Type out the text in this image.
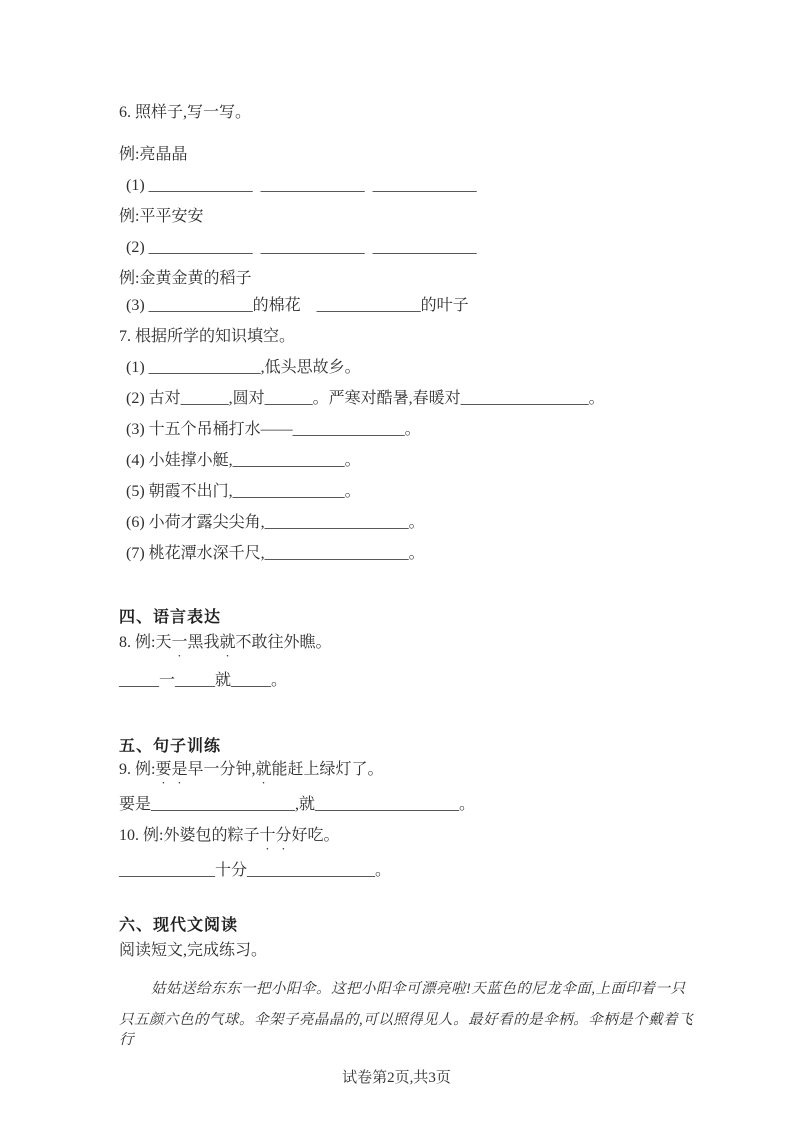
6. 照样子,写一写。
例:亮晶晶
(1) _____________  _____________  _____________
例:平平安安
(2) _____________  _____________  _____________
例:金黄金黄的稻子
(3) _____________的棉花    _____________的叶子
7. 根据所学的知识填空。
(1) ______________,低头思故乡。
(2) 古对______,圆对______。严寒对酷暑,春暖对________________。
(3) 十五个吊桶打水——______________。
(4) 小娃撑小艇,______________。
(5) 朝霞不出门,______________。
(6) 小荷才露尖尖角,__________________。
(7) 桃花潭水深千尺,__________________。
四、语言表达
8. 例:天一黑我就不敢往外瞧。
_____一_____就_____。
五、句子训练
9. 例:要是早一分钟,就能赶上绿灯了。
要是__________________,就__________________。
10. 例:外婆包的粽子十分好吃。
____________十分________________。
六、现代文阅读
阅读短文,完成练习。
姑姑送给东东一把小阳伞。这把小阳伞可漂亮啦!天蓝色的尼龙伞面,上面印着一只
只五颜六色的气球。伞架子亮晶晶的,可以照得见人。最好看的是伞柄。伞柄是个戴着飞行
试卷第2页,共3页
